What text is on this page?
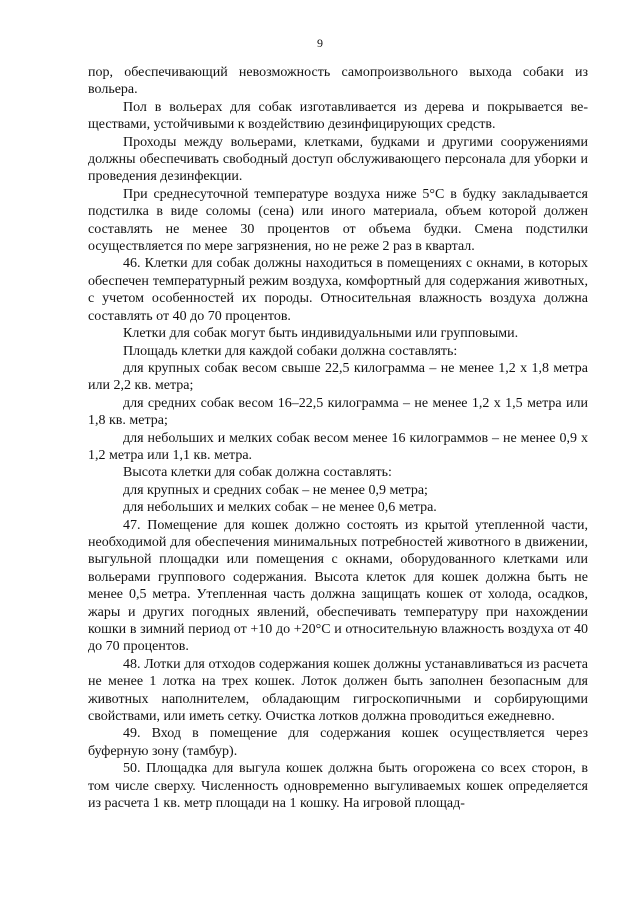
9

пор, обеспечивающий невозможность самопроизвольного выхода собаки из вольера.

Пол в вольерах для собак изготавливается из дерева и покрывается веществами, устойчивыми к воздействию дезинфицирующих средств.

Проходы между вольерами, клетками, будками и другими сооружениями должны обеспечивать свободный доступ обслуживающего персонала для уборки и проведения дезинфекции.

При среднесуточной температуре воздуха ниже 5°С в будку закладывается подстилка в виде соломы (сена) или иного материала, объем которой должен составлять не менее 30 процентов от объема будки. Смена подстилки осуществляется по мере загрязнения, но не реже 2 раз в квартал.

46. Клетки для собак должны находиться в помещениях с окнами, в которых обеспечен температурный режим воздуха, комфортный для содержания животных, с учетом особенностей их породы. Относительная влажность воздуха должна составлять от 40 до 70 процентов.

Клетки для собак могут быть индивидуальными или групповыми.

Площадь клетки для каждой собаки должна составлять:

для крупных собак весом свыше 22,5 килограмма – не менее 1,2 х 1,8 метра или 2,2 кв. метра;

для средних собак весом 16–22,5 килограмма – не менее 1,2 х 1,5 метра или 1,8 кв. метра;

для небольших и мелких собак весом менее 16 килограммов – не менее 0,9 х 1,2 метра или 1,1 кв. метра.

Высота клетки для собак должна составлять:

для крупных и средних собак – не менее 0,9 метра;

для небольших и мелких собак – не менее 0,6 метра.

47. Помещение для кошек должно состоять из крытой утепленной части, необходимой для обеспечения минимальных потребностей животного в движении, выгульной площадки или помещения с окнами, оборудованного клетками или вольерами группового содержания. Высота клеток для кошек должна быть не менее 0,5 метра. Утепленная часть должна защищать кошек от холода, осадков, жары и других погодных явлений, обеспечивать температуру при нахождении кошки в зимний период от +10 до +20°С и относительную влажность воздуха от 40 до 70 процентов.

48. Лотки для отходов содержания кошек должны устанавливаться из расчета не менее 1 лотка на трех кошек. Лоток должен быть заполнен безопасным для животных наполнителем, обладающим гигроскопичными и сорбирующими свойствами, или иметь сетку. Очистка лотков должна проводиться ежедневно.

49. Вход в помещение для содержания кошек осуществляется через буферную зону (тамбур).

50. Площадка для выгула кошек должна быть огорожена со всех сторон, в том числе сверху. Численность одновременно выгуливаемых кошек определяется из расчета 1 кв. метр площади на 1 кошку. На игровой площад-
